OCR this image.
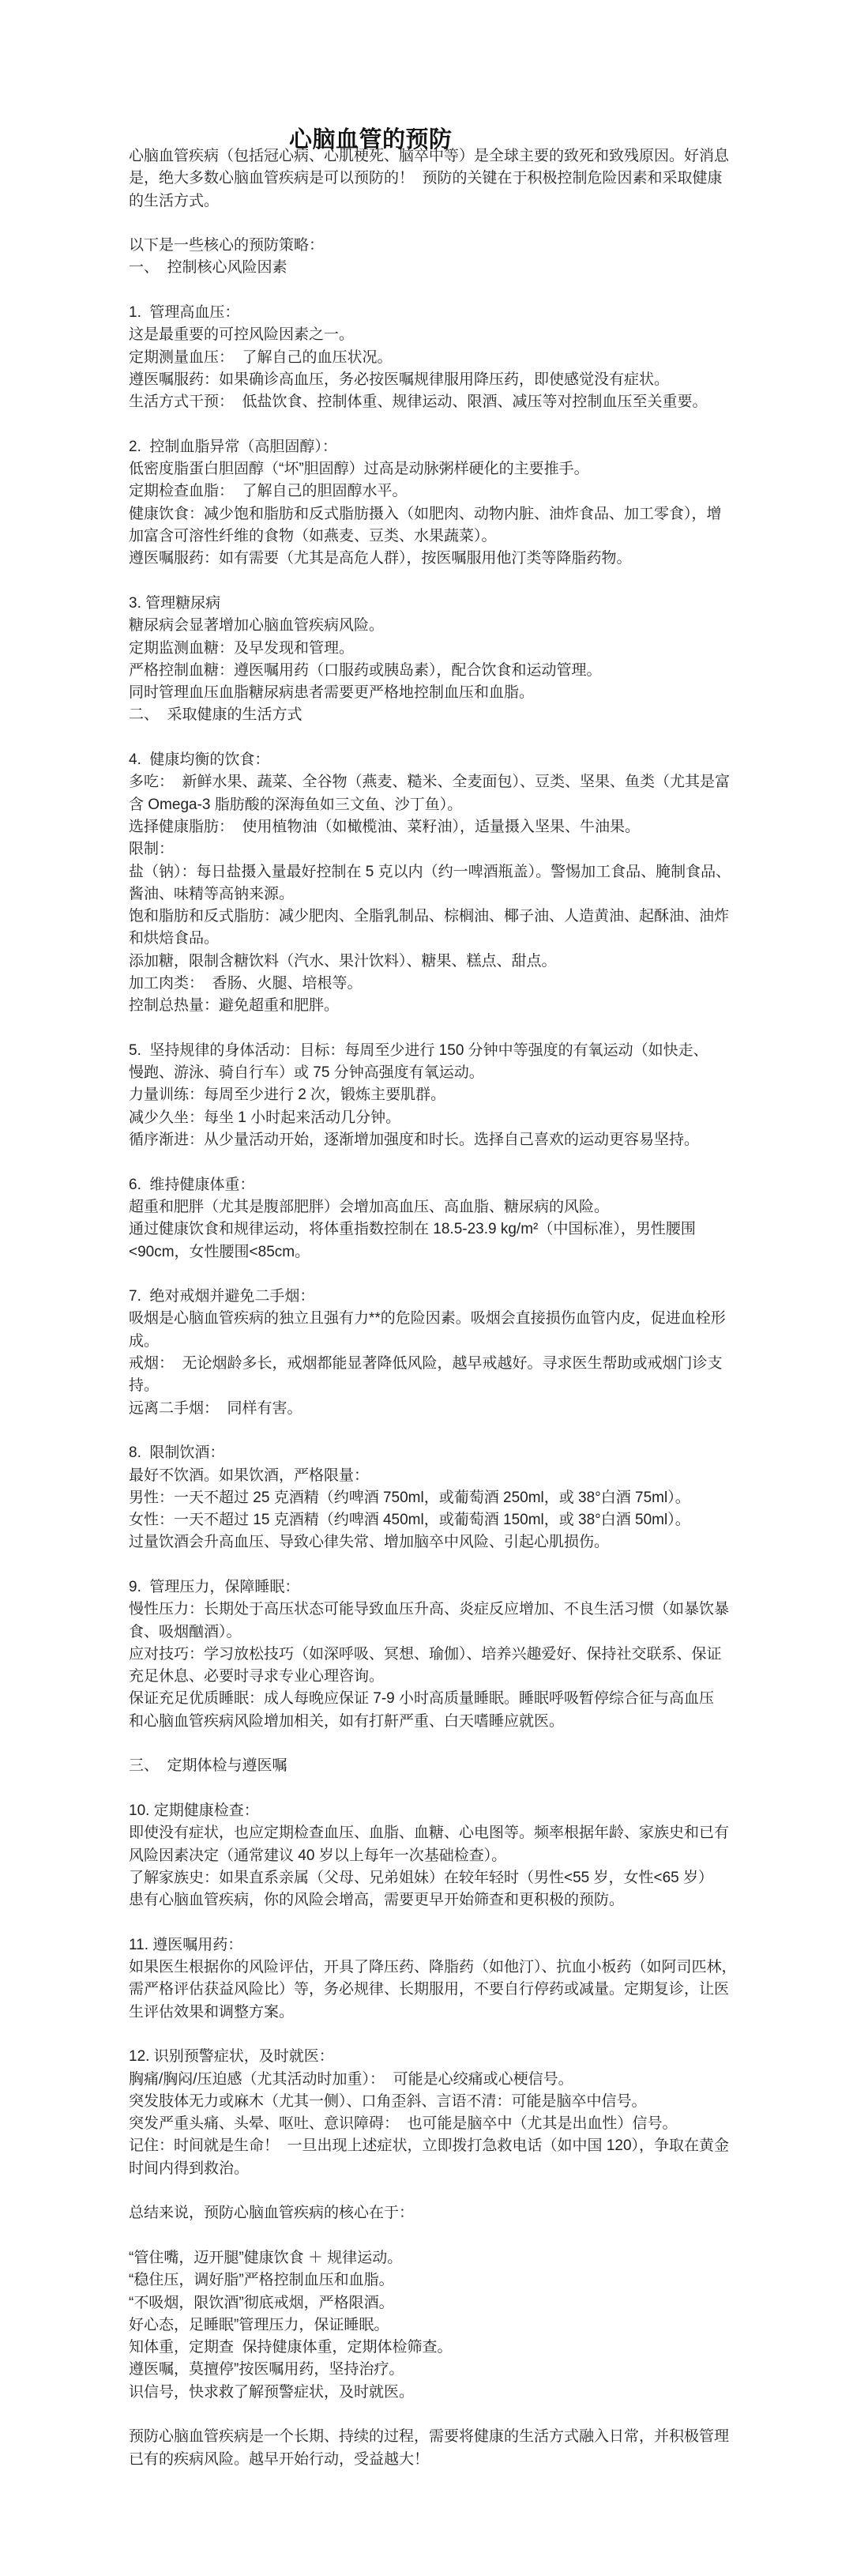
心脑血管的预防
心脑血管疾病（包括冠心病、心肌梗死、脑卒中等）是全球主要的致死和致残原因。好消息
是，绝大多数心脑血管疾病是可以预防的！  预防的关键在于积极控制危险因素和采取健康
的生活方式。
以下是一些核心的预防策略：
一、  控制核心风险因素
1.  管理高血压：
这是最重要的可控风险因素之一。
定期测量血压：  了解自己的血压状况。
遵医嘱服药：如果确诊高血压，务必按医嘱规律服用降压药，即使感觉没有症状。
生活方式干预：  低盐饮食、控制体重、规律运动、限酒、减压等对控制血压至关重要。
2.  控制血脂异常（高胆固醇）：
低密度脂蛋白胆固醇（“坏”胆固醇）过高是动脉粥样硬化的主要推手。
定期检查血脂：  了解自己的胆固醇水平。
健康饮食：减少饱和脂肪和反式脂肪摄入（如肥肉、动物内脏、油炸食品、加工零食），增
加富含可溶性纤维的食物（如燕麦、豆类、水果蔬菜）。
遵医嘱服药：如有需要（尤其是高危人群），按医嘱服用他汀类等降脂药物。
3. 管理糖尿病
糖尿病会显著增加心脑血管疾病风险。
定期监测血糖：及早发现和管理。
严格控制血糖：遵医嘱用药（口服药或胰岛素），配合饮食和运动管理。
同时管理血压血脂糖尿病患者需要更严格地控制血压和血脂。
二、  采取健康的生活方式
4.  健康均衡的饮食：
多吃：  新鲜水果、蔬菜、全谷物（燕麦、糙米、全麦面包）、豆类、坚果、鱼类（尤其是富
含 Omega-3 脂肪酸的深海鱼如三文鱼、沙丁鱼）。
选择健康脂肪：  使用植物油（如橄榄油、菜籽油），适量摄入坚果、牛油果。
限制：
盐（钠）：每日盐摄入量最好控制在 5 克以内（约一啤酒瓶盖）。警惕加工食品、腌制食品、
酱油、味精等高钠来源。
饱和脂肪和反式脂肪：减少肥肉、全脂乳制品、棕榈油、椰子油、人造黄油、起酥油、油炸
和烘焙食品。
添加糖，限制含糖饮料（汽水、果汁饮料）、糖果、糕点、甜点。
加工肉类：  香肠、火腿、培根等。
控制总热量：避免超重和肥胖。
5.  坚持规律的身体活动：目标：每周至少进行 150 分钟中等强度的有氧运动（如快走、
慢跑、游泳、骑自行车）或 75 分钟高强度有氧运动。
力量训练：每周至少进行 2 次，锻炼主要肌群。
减少久坐：每坐 1 小时起来活动几分钟。
循序渐进：从少量活动开始，逐渐增加强度和时长。选择自己喜欢的运动更容易坚持。
6.  维持健康体重：
超重和肥胖（尤其是腹部肥胖）会增加高血压、高血脂、糖尿病的风险。
通过健康饮食和规律运动，将体重指数控制在 18.5-23.9 kg/m²（中国标准），男性腰围
<90cm，女性腰围<85cm。
7.  绝对戒烟并避免二手烟：
吸烟是心脑血管疾病的独立且强有力**的危险因素。吸烟会直接损伤血管内皮，促进血栓形
成。
戒烟：  无论烟龄多长，戒烟都能显著降低风险，越早戒越好。寻求医生帮助或戒烟门诊支
持。
远离二手烟：  同样有害。
8.  限制饮酒：
最好不饮酒。如果饮酒，严格限量：
男性：一天不超过 25 克酒精（约啤酒 750ml，或葡萄酒 250ml，或 38°白酒 75ml）。
女性：一天不超过 15 克酒精（约啤酒 450ml，或葡萄酒 150ml，或 38°白酒 50ml）。
过量饮酒会升高血压、导致心律失常、增加脑卒中风险、引起心肌损伤。
9.  管理压力，保障睡眠：
慢性压力：长期处于高压状态可能导致血压升高、炎症反应增加、不良生活习惯（如暴饮暴
食、吸烟酗酒）。
应对技巧：学习放松技巧（如深呼吸、冥想、瑜伽）、培养兴趣爱好、保持社交联系、保证
充足休息、必要时寻求专业心理咨询。
保证充足优质睡眠：成人每晚应保证 7-9 小时高质量睡眠。睡眠呼吸暂停综合征与高血压
和心脑血管疾病风险增加相关，如有打鼾严重、白天嗜睡应就医。
三、  定期体检与遵医嘱
10. 定期健康检查：
即使没有症状，也应定期检查血压、血脂、血糖、心电图等。频率根据年龄、家族史和已有
风险因素决定（通常建议 40 岁以上每年一次基础检查）。
了解家族史：如果直系亲属（父母、兄弟姐妹）在较年轻时（男性<55 岁，女性<65 岁）
患有心脑血管疾病，你的风险会增高，需要更早开始筛查和更积极的预防。
11. 遵医嘱用药：
如果医生根据你的风险评估，开具了降压药、降脂药（如他汀）、抗血小板药（如阿司匹林，
需严格评估获益风险比）等，务必规律、长期服用，不要自行停药或减量。定期复诊，让医
生评估效果和调整方案。
12. 识别预警症状，及时就医：
胸痛/胸闷/压迫感（尤其活动时加重）：  可能是心绞痛或心梗信号。
突发肢体无力或麻木（尤其一侧）、口角歪斜、言语不清：可能是脑卒中信号。
突发严重头痛、头晕、呕吐、意识障碍：  也可能是脑卒中（尤其是出血性）信号。
记住：时间就是生命！  一旦出现上述症状，立即拨打急救电话（如中国 120），争取在黄金
时间内得到救治。
总结来说，预防心脑血管疾病的核心在于：
“管住嘴，迈开腿”健康饮食 ＋ 规律运动。
“稳住压，调好脂”严格控制血压和血脂。
“不吸烟，限饮酒”彻底戒烟，严格限酒。
好心态，足睡眠”管理压力，保证睡眠。
知体重，定期查  保持健康体重，定期体检筛查。
遵医嘱，莫擅停”按医嘱用药，坚持治疗。
识信号，快求救了解预警症状，及时就医。
预防心脑血管疾病是一个长期、持续的过程，需要将健康的生活方式融入日常，并积极管理
已有的疾病风险。越早开始行动，受益越大！
